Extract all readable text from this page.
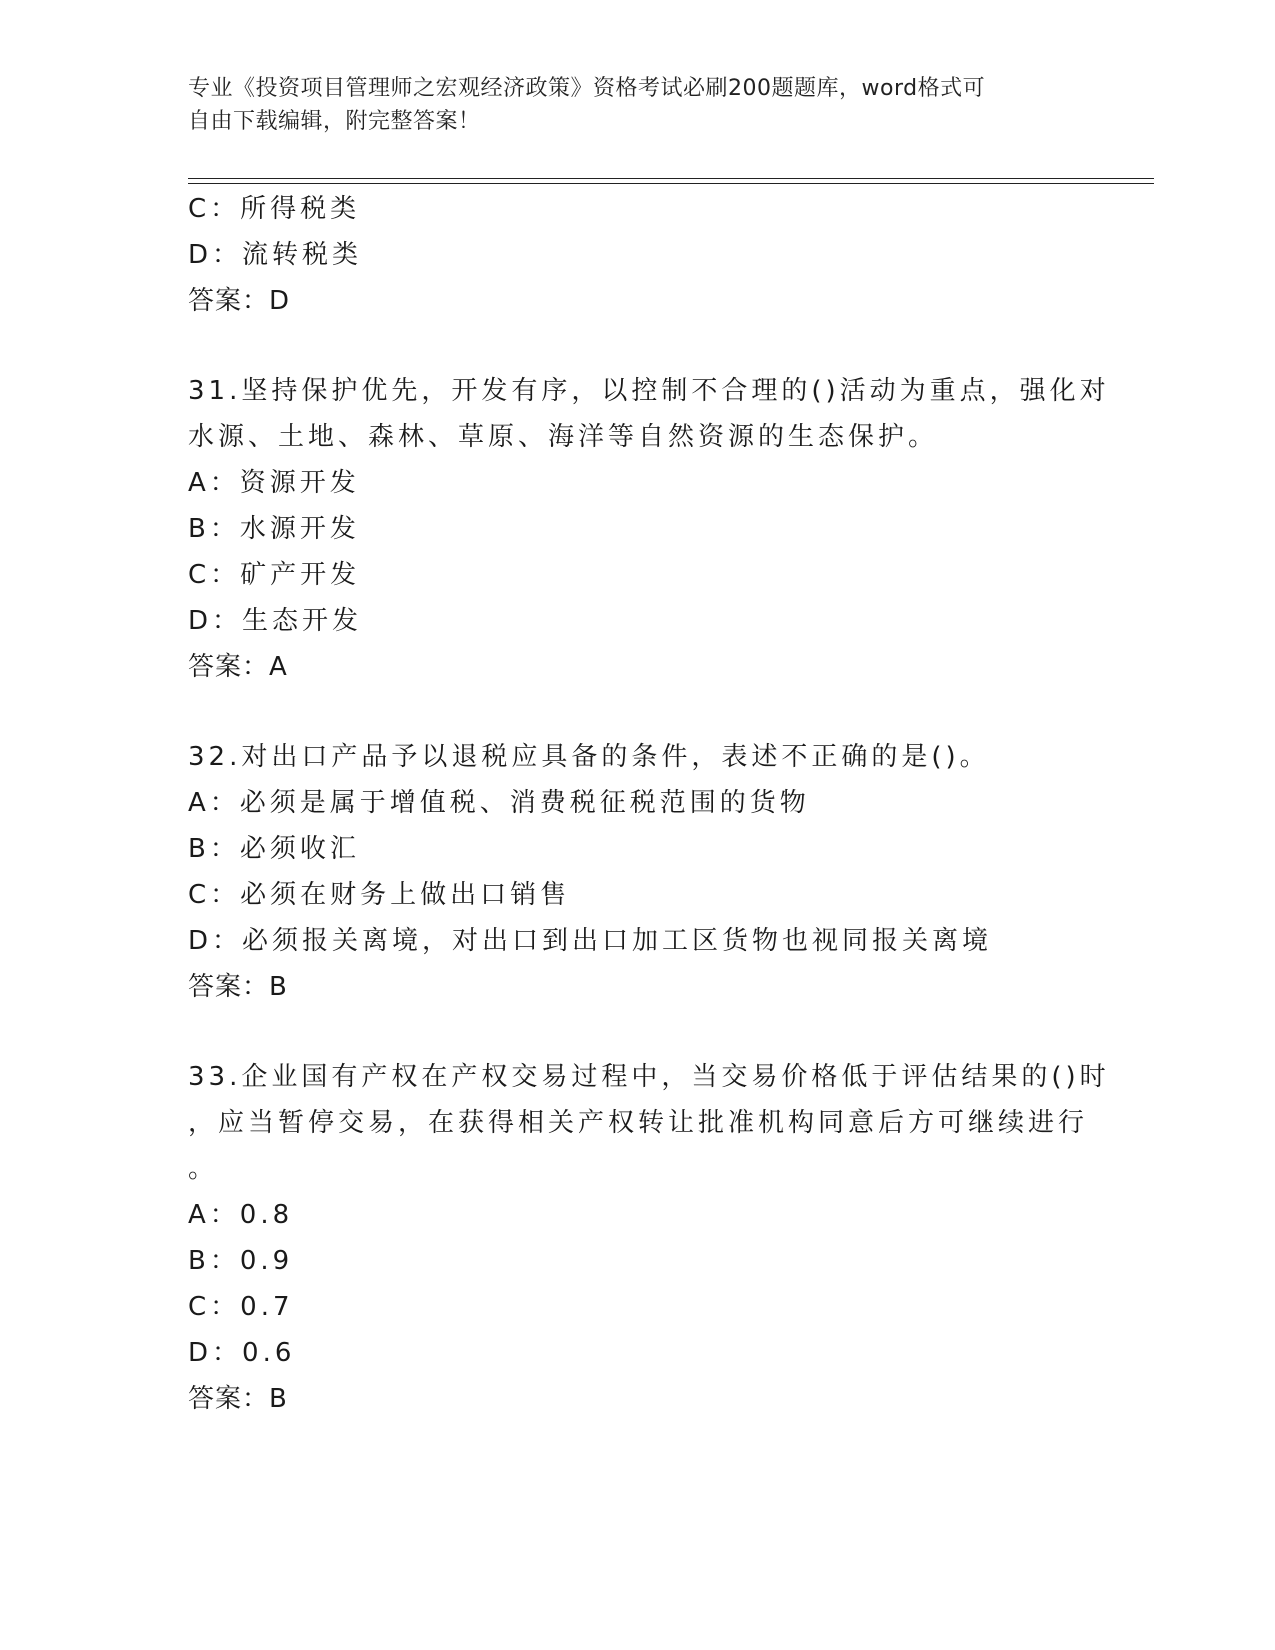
专业《投资项目管理师之宏观经济政策》资格考试必刷200题题库，word格式可
自由下载编辑，附完整答案！
C：所得税类
D：流转税类
答案：D
31.坚持保护优先，开发有序，以控制不合理的()活动为重点，强化对
水源、土地、森林、草原、海洋等自然资源的生态保护。
A：资源开发
B：水源开发
C：矿产开发
D：生态开发
答案：A
32.对出口产品予以退税应具备的条件，表述不正确的是()。
A：必须是属于增值税、消费税征税范围的货物
B：必须收汇
C：必须在财务上做出口销售
D：必须报关离境，对出口到出口加工区货物也视同报关离境
答案：B
33.企业国有产权在产权交易过程中，当交易价格低于评估结果的()时
，应当暂停交易，在获得相关产权转让批准机构同意后方可继续进行
。
A：0.8
B：0.9
C：0.7
D：0.6
答案：B
